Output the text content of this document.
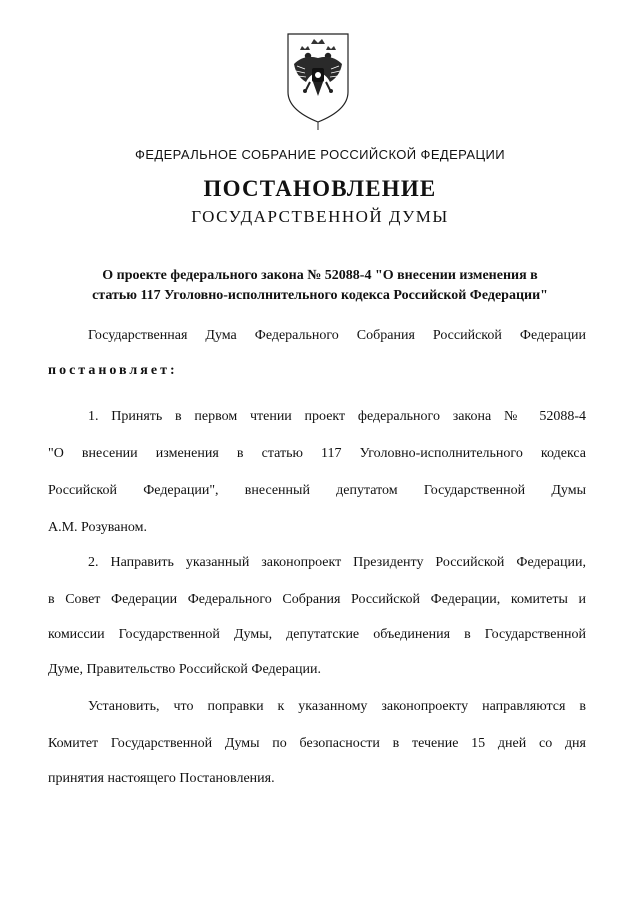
ФЕДЕРАЛЬНОЕ СОБРАНИЕ РОССИЙСКОЙ ФЕДЕРАЦИИ
ПОСТАНОВЛЕНИЕ
ГОСУДАРСТВЕННОЙ ДУМЫ
О проекте федерального закона № 52088-4 "О внесении изменения в
статью 117 Уголовно-исполнительного кодекса Российской Федерации"
Государственная Дума Федерального Собрания Российской Федерации
постановляет:
1. Принять в первом чтении проект федерального закона № 52088-4
"О внесении изменения в статью 117 Уголовно-исполнительного кодекса
Российской Федерации", внесенный депутатом Государственной Думы
А.М. Розуваном.
2. Направить указанный законопроект Президенту Российской Федерации,
в Совет Федерации Федерального Собрания Российской Федерации, комитеты и
комиссии Государственной Думы, депутатские объединения в Государственной
Думе, Правительство Российской Федерации.
Установить, что поправки к указанному законопроекту направляются в
Комитет Государственной Думы по безопасности в течение 15 дней со дня
принятия настоящего Постановления.
